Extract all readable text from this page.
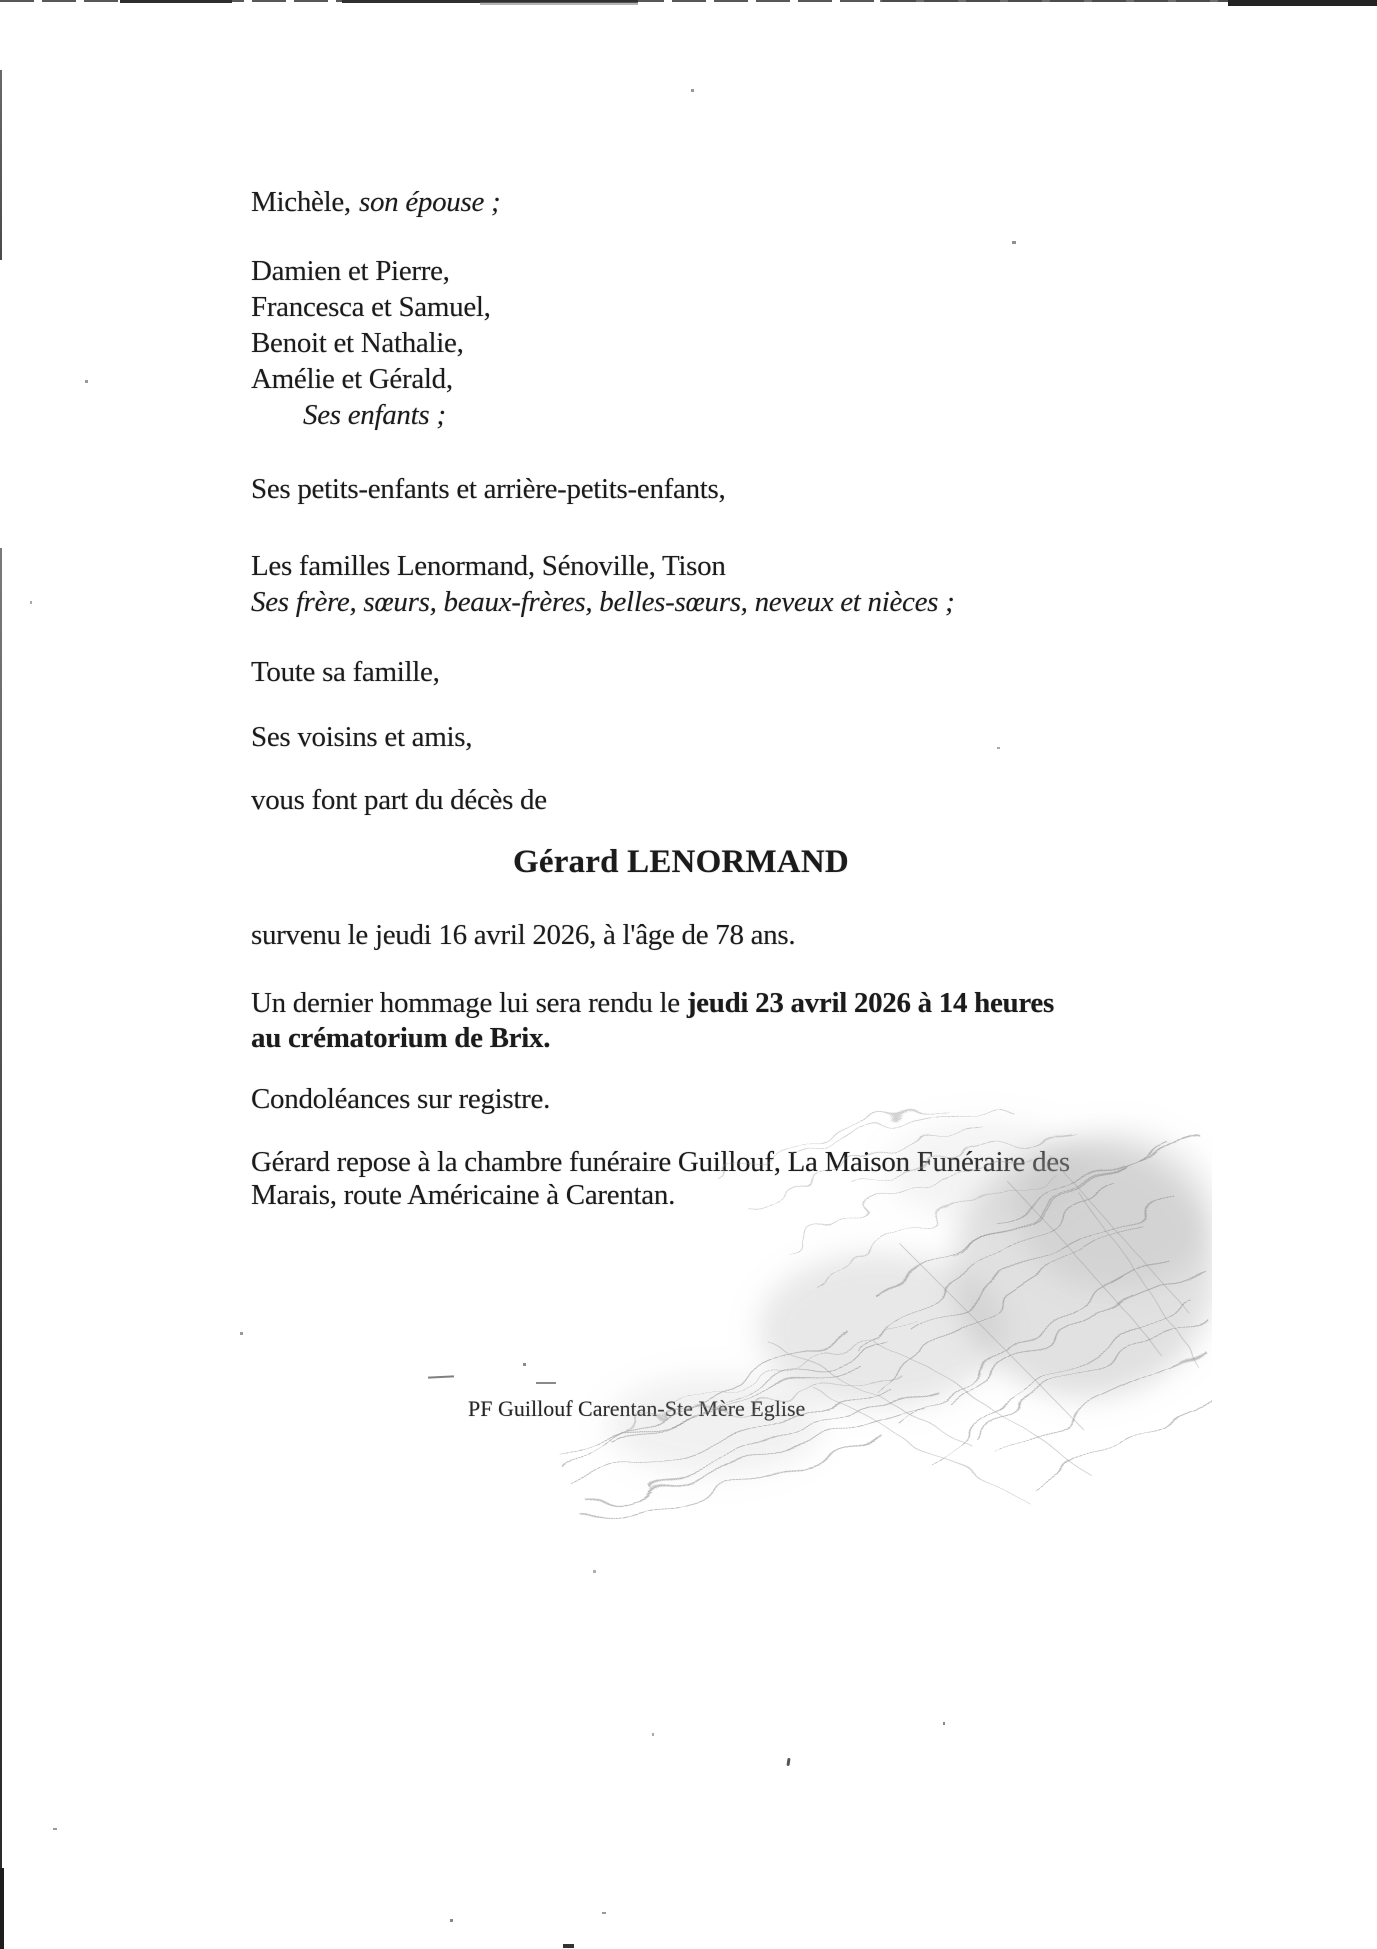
Michèle, son épouse ;

Damien et Pierre,

Francesca et Samuel,

Benoit et Nathalie,

Amélie et Gérald,

Ses enfants ;

Ses petits-enfants et arrière-petits-enfants,

Les familles Lenormand, Sénoville, Tison

Ses frère, sœurs, beaux-frères, belles-sœurs, neveux et nièces ;

Toute sa famille,

Ses voisins et amis,

vous font part du décès de

Gérard LENORMAND

survenu le jeudi 16 avril 2026, à l'âge de 78 ans.

Un dernier hommage lui sera rendu le jeudi 23 avril 2026 à 14 heures

au crématorium de Brix.

Condoléances sur registre.

Gérard repose à la chambre funéraire Guillouf, La Maison Funéraire des

Marais, route Américaine à Carentan.

PF Guillouf Carentan-Ste Mère Eglise
